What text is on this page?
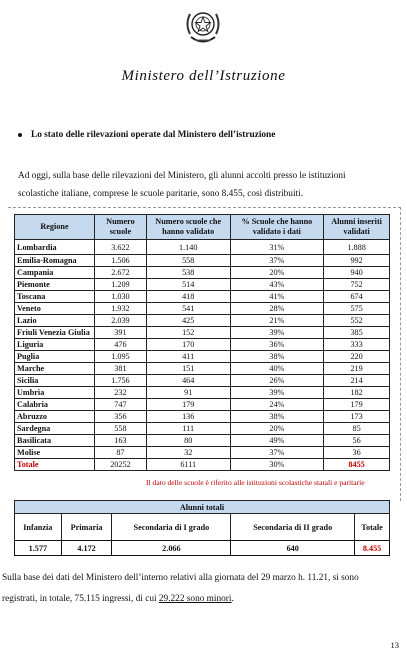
Ministero dell’Istruzione
Lo stato delle rilevazioni operate dal Ministero dell’istruzione

Ad oggi, sulla base delle rilevazioni del Ministero, gli alunni accolti presso le istituzioni

scolastiche italiane, comprese le scuole paritarie, sono 8.455, così distribuiti.

Regione	Numero scuole	Numero scuole che hanno validato	% Scuole che hanno validato i dati	Alunni inseriti validati
Lombardia	3.622	1.140	31%	1.888
Emilia-Romagna	1.506	558	37%	992
Campania	2.672	538	20%	940
Piemonte	1.209	514	43%	752
Toscana	1.030	418	41%	674
Veneto	1.932	541	28%	575
Lazio	2.039	425	21%	552
Friuli Venezia Giulia	391	152	39%	385
Liguria	476	170	36%	333
Puglia	1.095	411	38%	220
Marche	381	151	40%	219
Sicilia	1.756	464	26%	214
Umbria	232	91	39%	182
Calabria	747	179	24%	179
Abruzzo	356	136	38%	173
Sardegna	558	111	20%	85
Basilicata	163	80	49%	56
Molise	87	32	37%	36
Totale	20252	6111	30%	8455
Il dato delle scuole è riferito alle istituzioni scolastiche statali e paritarie
Alunni totali				
Infanzia	Primaria	Secondaria di I grado	Secondaria di II grado	Totale
1.577	4.172	2.066	640	8.455

Sulla base dei dati del Ministero dell’interno relativi alla giornata del 29 marzo h. 11.21, si sono

registrati, in totale, 75.115 ingressi, di cui 29.222 sono minori.

13
